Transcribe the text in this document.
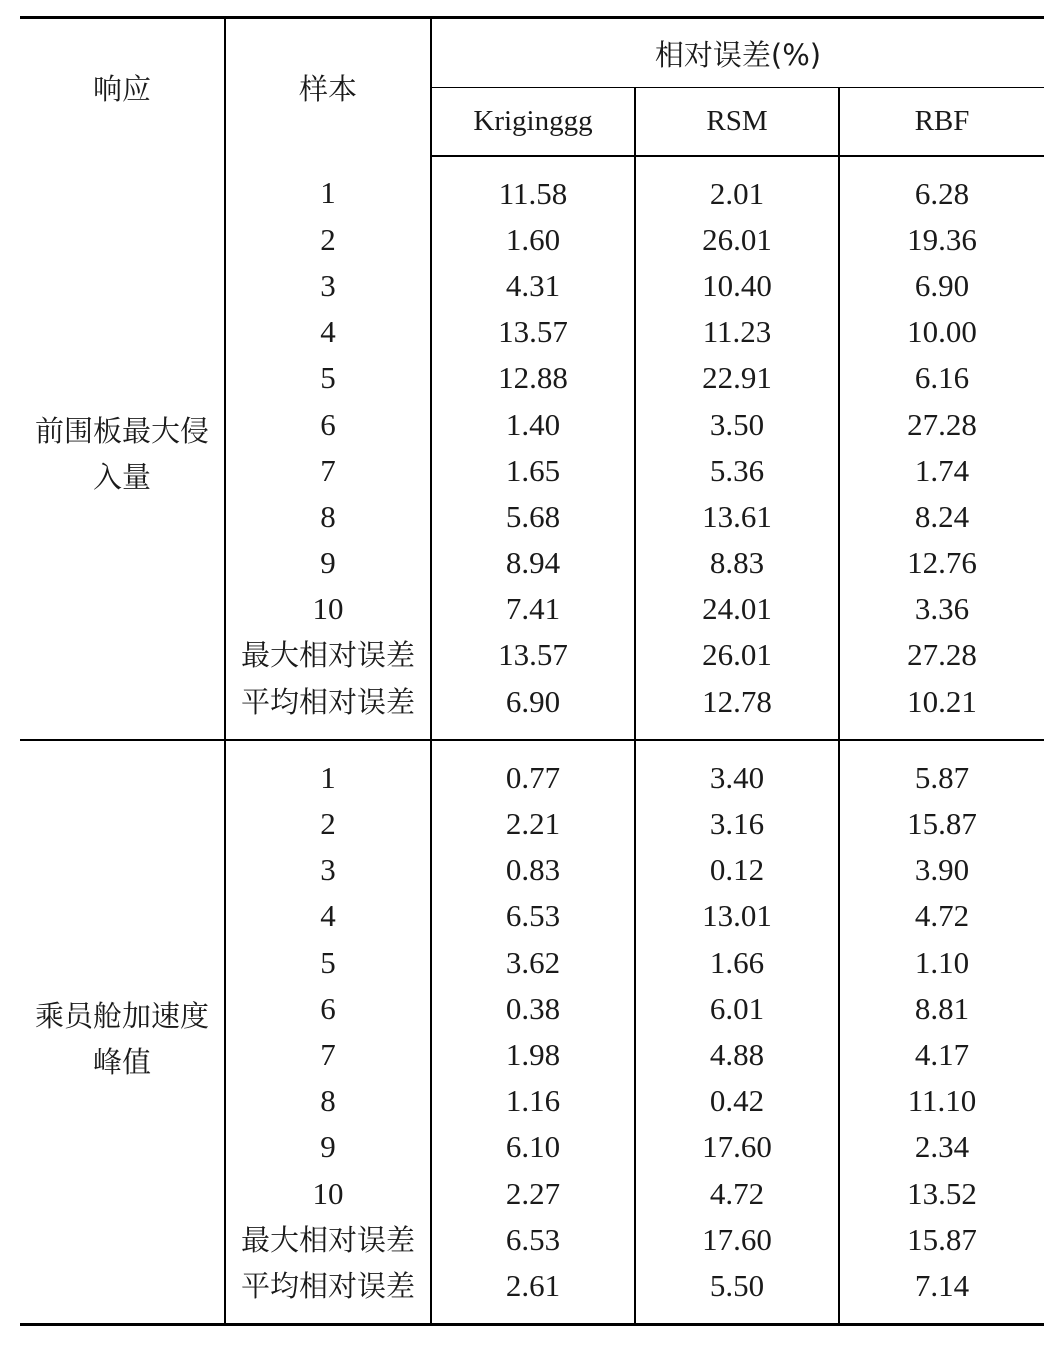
响应	样本	相对误差(%)		
		Kriginggg	RSM	RBF

前围板最大侵
入量	1	11.58	2.01	6.28
	2	1.60	26.01	19.36
	3	4.31	10.40	6.90
	4	13.57	11.23	10.00
	5	12.88	22.91	6.16
	6	1.40	3.50	27.28
	7	1.65	5.36	1.74
	8	5.68	13.61	8.24
	9	8.94	8.83	12.76
	10	7.41	24.01	3.36
	最大相对误差	13.57	26.01	27.28
	平均相对误差	6.90	12.78	10.21

乘员舱加速度
峰值	1	0.77	3.40	5.87
	2	2.21	3.16	15.87
	3	0.83	0.12	3.90
	4	6.53	13.01	4.72
	5	3.62	1.66	1.10
	6	0.38	6.01	8.81
	7	1.98	4.88	4.17
	8	1.16	0.42	11.10
	9	6.10	17.60	2.34
	10	2.27	4.72	13.52
	最大相对误差	6.53	17.60	15.87
	平均相对误差	2.61	5.50	7.14
